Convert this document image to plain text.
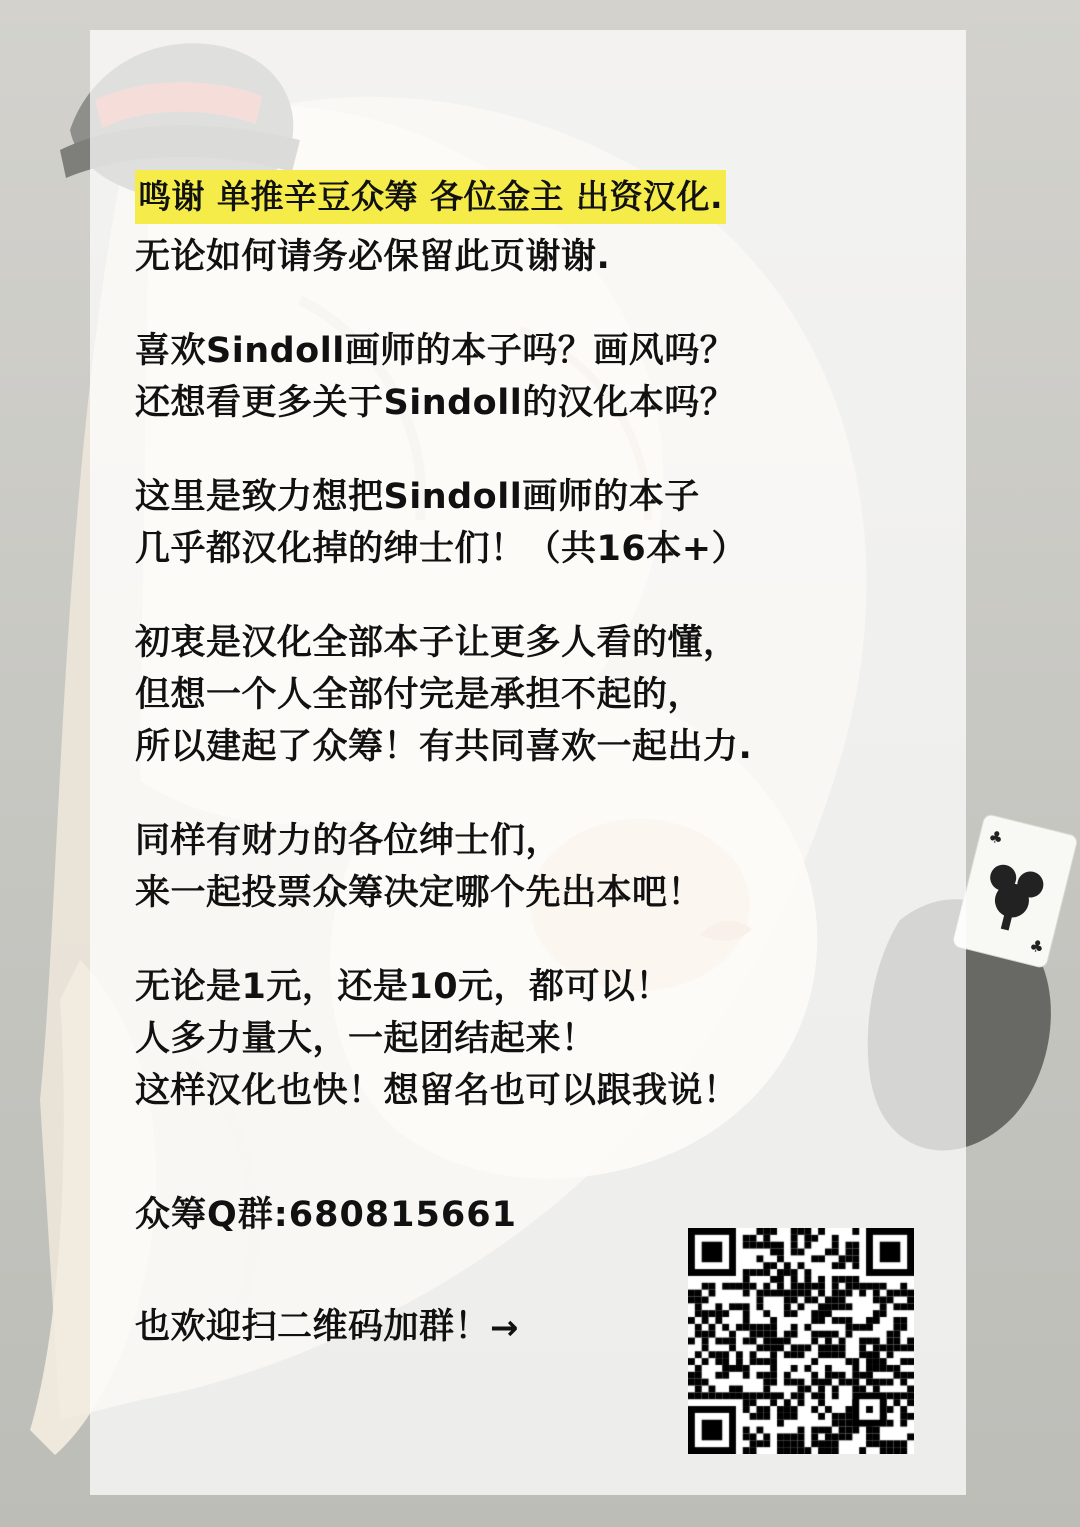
♣
♣
鸣谢 单推辛豆众筹 各位金主 出资汉化.
无论如何请务必保留此页谢谢.
喜欢Sindoll画师的本子吗？画风吗？
还想看更多关于Sindoll的汉化本吗？
这里是致力想把Sindoll画师的本子
几乎都汉化掉的绅士们！（共16本+）
初衷是汉化全部本子让更多人看的懂，
但想一个人全部付完是承担不起的，
所以建起了众筹！有共同喜欢一起出力.
同样有财力的各位绅士们，
来一起投票众筹决定哪个先出本吧！
无论是1元，还是10元，都可以！
人多力量大，一起团结起来！
这样汉化也快！想留名也可以跟我说！
众筹Q群:680815661
也欢迎扫二维码加群！→
